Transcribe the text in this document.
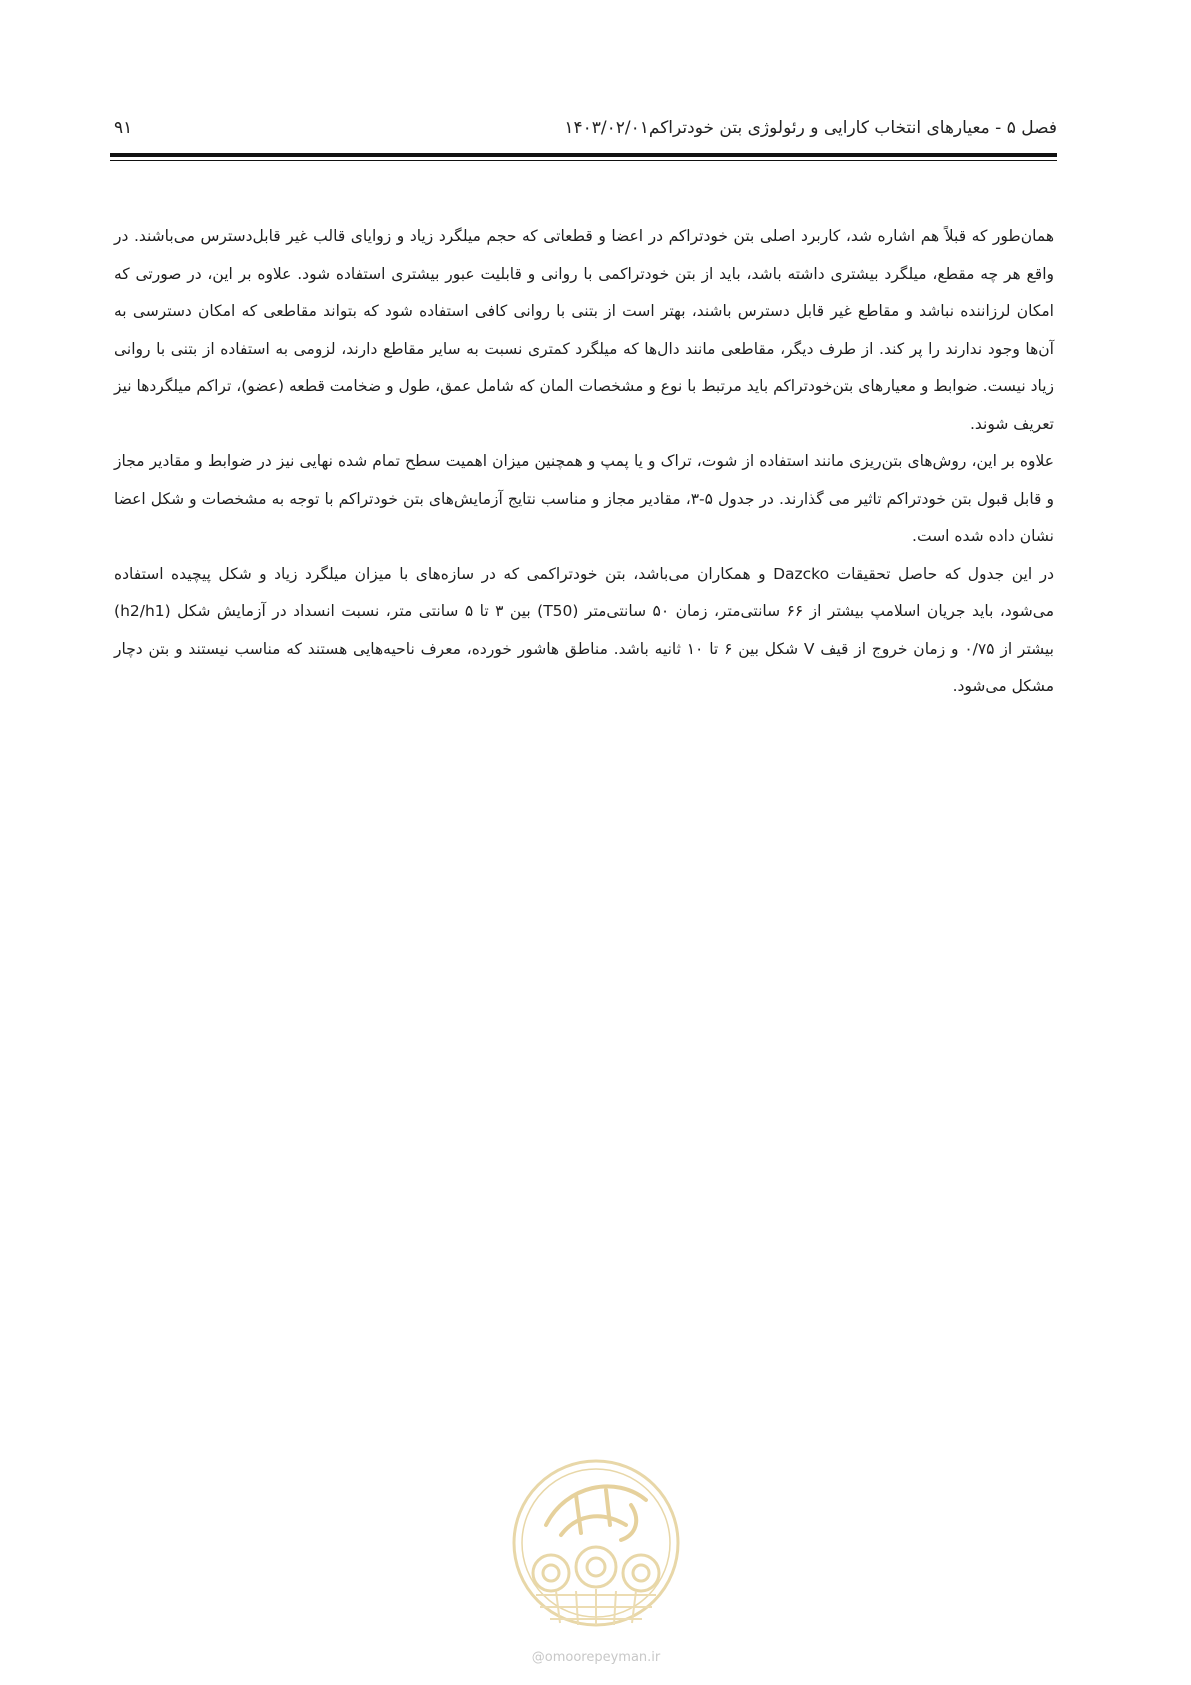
فصل ۵ - معیارهای انتخاب کارایی و رئولوژی بتن خودتراکم۱۴۰۳/۰۲/۰۱
۹۱

همان‌طور که قبلاً هم اشاره شد، کاربرد اصلی بتن خودتراکم در اعضا و قطعاتی که حجم میلگرد زیاد و زوایای قالب غیر قابل‌دسترس می‌باشند. در واقع هر چه مقطع، میلگرد بیشتری داشته باشد، باید از بتن خودتراکمی با روانی و قابلیت عبور بیشتری استفاده شود. علاوه بر این، در صورتی که امکان لرزاننده نباشد و مقاطع غیر قابل دسترس باشند، بهتر است از بتنی با روانی کافی استفاده شود که بتواند مقاطعی که امکان دسترسی به آن‌ها وجود ندارند را پر کند. از طرف دیگر، مقاطعی مانند دال‌ها که میلگرد کمتری نسبت به سایر مقاطع دارند، لزومی به استفاده از بتنی با روانی زیاد نیست. ضوابط و معیارهای بتن‌خودتراکم باید مرتبط با نوع و مشخصات المان که شامل عمق، طول و ضخامت قطعه (عضو)، تراکم میلگردها نیز تعریف شوند.

علاوه بر این، روش‌های بتن‌ریزی مانند استفاده از شوت، تراک و یا پمپ و همچنین میزان اهمیت سطح تمام شده نهایی نیز در ضوابط و مقادیر مجاز و قابل قبول بتن خودتراکم تاثیر می گذارند. در جدول ۵-۳، مقادیر مجاز و مناسب نتایج آزمایش‌های بتن خودتراکم با توجه به مشخصات و شکل اعضا نشان داده شده است.

در این جدول که حاصل تحقیقات Dazcko و همکاران می‌باشد، بتن خودتراکمی که در سازه‌های با میزان میلگرد زیاد و شکل پیچیده استفاده می‌شود، باید جریان اسلامپ بیشتر از ۶۶ سانتی‌متر، زمان ۵۰ سانتی‌متر (T50) بین ۳ تا ۵ سانتی متر، نسبت انسداد در آزمایش شکل (h2/h1) بیشتر از ۰/۷۵ و زمان خروج از قیف V شکل بین ۶ تا ۱۰ ثانیه باشد. مناطق هاشور خورده، معرف ناحیه‌هایی هستند که مناسب نیستند و بتن دچار مشکل می‌شود.

@omoorepeyman.ir
